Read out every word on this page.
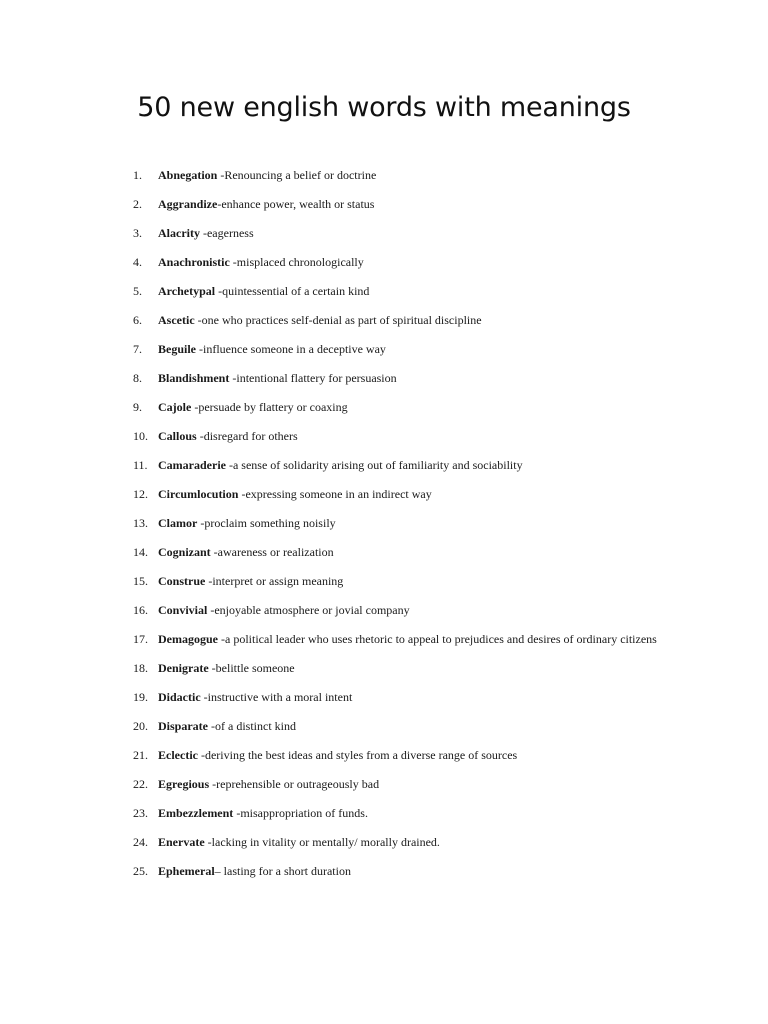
50 new english words with meanings
1. Abnegation -Renouncing a belief or doctrine
2. Aggrandize-enhance power, wealth or status
3. Alacrity -eagerness
4. Anachronistic -misplaced chronologically
5. Archetypal -quintessential of a certain kind
6. Ascetic -one who practices self-denial as part of spiritual discipline
7. Beguile -influence someone in a deceptive way
8. Blandishment -intentional flattery for persuasion
9. Cajole -persuade by flattery or coaxing
10. Callous -disregard for others
11. Camaraderie -a sense of solidarity arising out of familiarity and sociability
12. Circumlocution -expressing someone in an indirect way
13. Clamor -proclaim something noisily
14. Cognizant -awareness or realization
15. Construe -interpret or assign meaning
16. Convivial -enjoyable atmosphere or jovial company
17. Demagogue -a political leader who uses rhetoric to appeal to prejudices and desires of ordinary citizens
18. Denigrate -belittle someone
19. Didactic -instructive with a moral intent
20. Disparate -of a distinct kind
21. Eclectic -deriving the best ideas and styles from a diverse range of sources
22. Egregious -reprehensible or outrageously bad
23. Embezzlement -misappropriation of funds.
24. Enervate -lacking in vitality or mentally/ morally drained.
25. Ephemeral– lasting for a short duration
